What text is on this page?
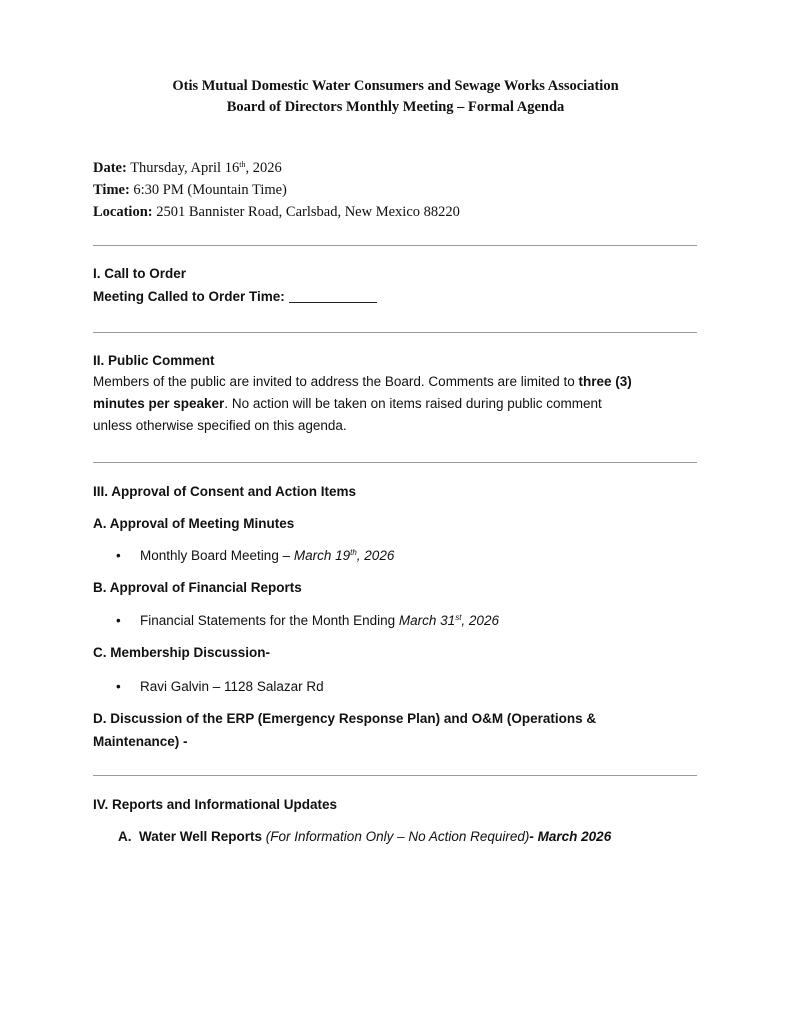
Otis Mutual Domestic Water Consumers and Sewage Works Association
Board of Directors Monthly Meeting – Formal Agenda
Date: Thursday, April 16th, 2026
Time: 6:30 PM (Mountain Time)
Location: 2501 Bannister Road, Carlsbad, New Mexico 88220
I. Call to Order
Meeting Called to Order Time:
II. Public Comment
Members of the public are invited to address the Board. Comments are limited to three (3)
minutes per speaker. No action will be taken on items raised during public comment
unless otherwise specified on this agenda.
III. Approval of Consent and Action Items
A. Approval of Meeting Minutes
• Monthly Board Meeting – March 19th, 2026
B. Approval of Financial Reports
• Financial Statements for the Month Ending March 31st, 2026
C. Membership Discussion-
• Ravi Galvin – 1128 Salazar Rd
D. Discussion of the ERP (Emergency Response Plan) and O&M (Operations &
Maintenance) -
IV. Reports and Informational Updates
A. Water Well Reports (For Information Only – No Action Required)- March 2026
